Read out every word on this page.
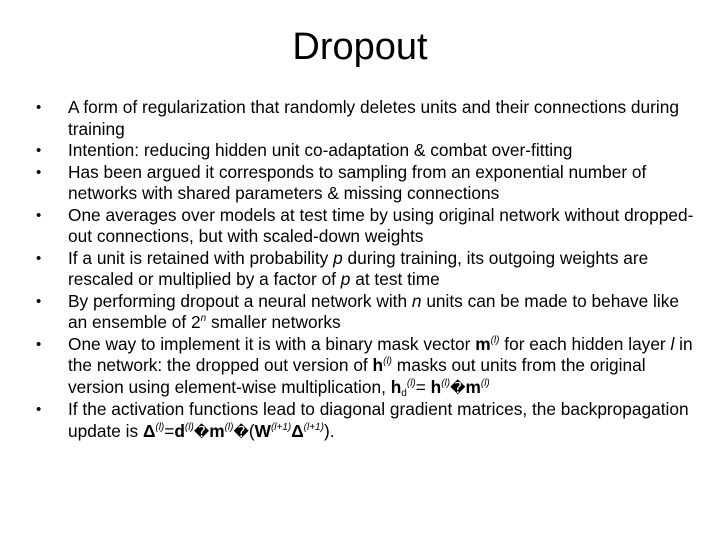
Dropout
•	A form of regularization that randomly deletes units and their connections during training
•	Intention: reducing hidden unit co-adaptation & combat over-fitting
•	Has been argued it corresponds to sampling from an exponential number of networks with shared parameters & missing connections
•	One averages over models at test time by using original network without dropped-out connections, but with scaled-down weights
•	If a unit is retained with probability p during training, its outgoing weights are rescaled or multiplied by a factor of p at test time
•	By performing dropout a neural network with n units can be made to behave like an ensemble of 2$^n$ smaller networks
•	One way to implement it is with a binary mask vector $m^{(l)}$ for each hidden layer l in the network: the dropped out version of $h^{(l)}$ masks out units from the original version using element-wise multiplication, $h_d^{(l)}=$ $h^{(l)}�m^{(l)}$
•	If the activation functions lead to diagonal gradient matrices, the backpropagation update is $\Delta^{(l)}=d^{(l)}�m^{(l)}�(W^{(l+1)}\Delta^{(l+1)})$.
